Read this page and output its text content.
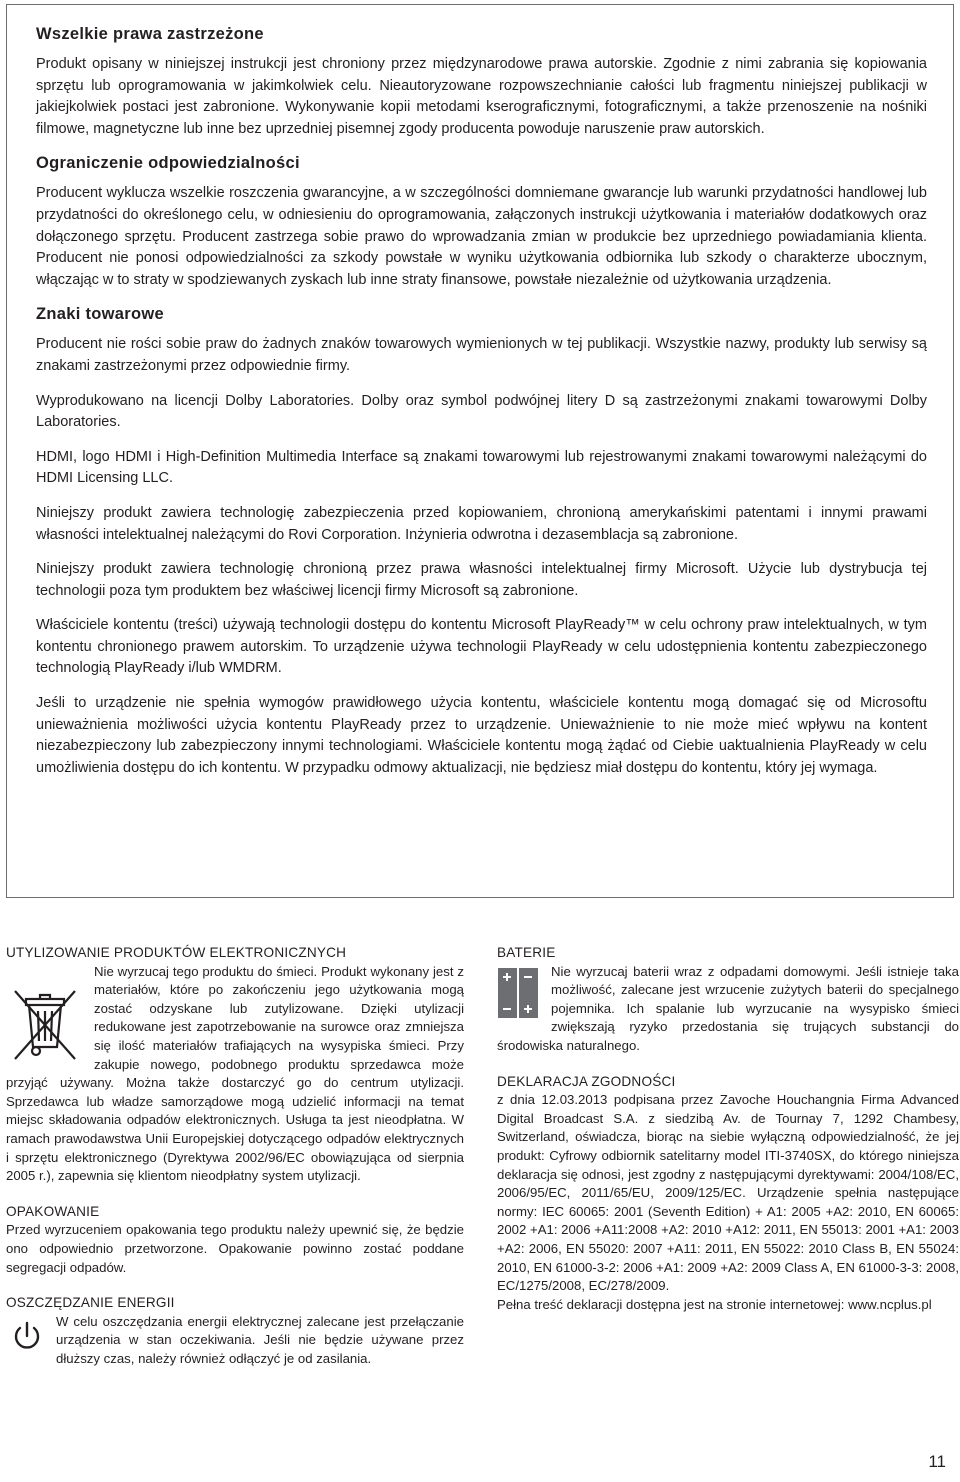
Wszelkie prawa zastrzeżone

Produkt opisany w niniejszej instrukcji jest chroniony przez międzynarodowe prawa autorskie. Zgodnie z nimi zabrania się kopiowania sprzętu lub oprogramowania w jakimkolwiek celu. Nieautoryzowane rozpowszechnianie całości lub fragmentu niniejszej publikacji w jakiejkolwiek postaci jest zabronione. Wykonywanie kopii metodami kserograficznymi, fotograficznymi, a także przenoszenie na nośniki filmowe, magnetyczne lub inne bez uprzedniej pisemnej zgody producenta powoduje naruszenie praw autorskich.

Ograniczenie odpowiedzialności

Producent wyklucza wszelkie roszczenia gwarancyjne, a w szczególności domniemane gwarancje lub warunki przydatności handlowej lub przydatności do określonego celu, w odniesieniu do oprogramowania, załączonych instrukcji użytkowania i materiałów dodatkowych oraz dołączonego sprzętu. Producent zastrzega sobie prawo do wprowadzania zmian w produkcie bez uprzedniego powiadamiania klienta. Producent nie ponosi odpowiedzialności za szkody powstałe w wyniku użytkowania odbiornika lub szkody o charakterze ubocznym, włączając w to straty w spodziewanych zyskach lub inne straty finansowe, powstałe niezależnie od użytkowania urządzenia.

Znaki towarowe

Producent nie rości sobie praw do żadnych znaków towarowych wymienionych w tej publikacji. Wszystkie nazwy, produkty lub serwisy są znakami zastrzeżonymi przez odpowiednie firmy.

Wyprodukowano na licencji Dolby Laboratories. Dolby oraz symbol podwójnej litery D są zastrzeżonymi znakami towarowymi Dolby Laboratories.

HDMI, logo HDMI i High-Definition Multimedia Interface są znakami towarowymi lub rejestrowanymi znakami towarowymi należącymi do HDMI Licensing LLC.

Niniejszy produkt zawiera technologię zabezpieczenia przed kopiowaniem, chronioną amerykańskimi patentami i innymi prawami własności intelektualnej należącymi do Rovi Corporation. Inżynieria odwrotna i dezasemblacja są zabronione.

Niniejszy produkt zawiera technologię chronioną przez prawa własności intelektualnej firmy Microsoft. Użycie lub dystrybucja tej technologii poza tym produktem bez właściwej licencji firmy Microsoft są zabronione.

Właściciele kontentu (treści) używają technologii dostępu do kontentu Microsoft PlayReady™ w celu ochrony praw intelektualnych, w tym kontentu chronionego prawem autorskim. To urządzenie używa technologii PlayReady w celu udostępnienia kontentu zabezpieczonego technologią PlayReady i/lub WMDRM.

Jeśli to urządzenie nie spełnia wymogów prawidłowego użycia kontentu, właściciele kontentu mogą domagać się od Microsoftu unieważnienia możliwości użycia kontentu PlayReady przez to urządzenie. Unieważnienie to nie może mieć wpływu na kontent niezabezpieczony lub zabezpieczony innymi technologiami. Właściciele kontentu mogą żądać od Ciebie uaktualnienia PlayReady w celu umożliwienia dostępu do ich kontentu. W przypadku odmowy aktualizacji, nie będziesz miał dostępu do kontentu, który jej wymaga.

UTYLIZOWANIE PRODUKTÓW ELEKTRONICZNYCH

Nie wyrzucaj tego produktu do śmieci. Produkt wykonany jest z materiałów, które po zakończeniu jego użytkowania mogą zostać odzyskane lub zutylizowane. Dzięki utylizacji redukowane jest zapotrzebowanie na surowce oraz zmniejsza się ilość materiałów trafiających na wysypiska śmieci. Przy zakupie nowego, podobnego produktu sprzedawca może przyjąć używany. Można także dostarczyć go do centrum utylizacji. Sprzedawca lub władze samorządowe mogą udzielić informacji na temat miejsc składowania odpadów elektronicznych. Usługa ta jest nieodpłatna. W ramach prawodawstwa Unii Europejskiej dotyczącego odpadów elektrycznych i sprzętu elektronicznego (Dyrektywa 2002/96/EC obowiązująca od sierpnia 2005 r.), zapewnia się klientom nieodpłatny system utylizacji.

OPAKOWANIE

Przed wyrzuceniem opakowania tego produktu należy upewnić się, że będzie ono odpowiednio przetworzone. Opakowanie powinno zostać poddane segregacji odpadów.

OSZCZĘDZANIE ENERGII

W celu oszczędzania energii elektrycznej zalecane jest przełączanie urządzenia w stan oczekiwania. Jeśli nie będzie używane przez dłuższy czas, należy również odłączyć je od zasilania.

BATERIE

Nie wyrzucaj baterii wraz z odpadami domowymi. Jeśli istnieje taka możliwość, zalecane jest wrzucenie zużytych baterii do specjalnego pojemnika. Ich spalanie lub wyrzucanie na wysypisko śmieci zwiększają ryzyko przedostania się trujących substancji do środowiska naturalnego.

DEKLARACJA ZGODNOŚCI

z dnia 12.03.2013 podpisana przez Zavoche Houchangnia Firma Advanced Digital Broadcast S.A. z siedzibą Av. de Tournay 7, 1292 Chambesy, Switzerland, oświadcza, biorąc na siebie wyłączną odpowiedzialność, że jej produkt: Cyfrowy odbiornik satelitarny model ITI-3740SX, do którego niniejsza deklaracja się odnosi, jest zgodny z następującymi dyrektywami: 2004/108/EC, 2006/95/EC, 2011/65/EU, 2009/125/EC. Urządzenie spełnia następujące normy: IEC 60065: 2001 (Seventh Edition) + A1: 2005 +A2: 2010, EN 60065: 2002 +A1: 2006 +A11:2008 +A2: 2010 +A12: 2011, EN 55013: 2001 +A1: 2003 +A2: 2006, EN 55020: 2007 +A11: 2011, EN 55022: 2010 Class B, EN 55024: 2010, EN 61000-3-2: 2006 +A1: 2009 +A2: 2009 Class A, EN 61000-3-3: 2008, EC/1275/2008, EC/278/2009.

Pełna treść deklaracji dostępna jest na stronie internetowej: www.ncplus.pl

11
